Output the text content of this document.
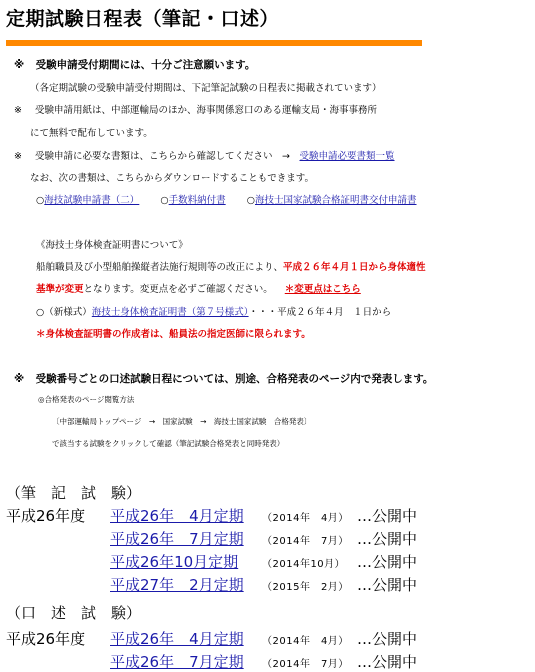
定期試験日程表（筆記・口述）
※ 受験申請受付期間には、十分ご注意願います。
（各定期試験の受験申請受付期間は、下記筆記試験の日程表に掲載されています）
※ 受験申請用紙は、中部運輸局のほか、海事関係窓口のある運輸支局・海事事務所
にて無料で配布しています。
※ 受験申請に必要な書類は、こちらから確認してください　→　受験申請必要書類一覧
なお、次の書類は、こちらからダウンロードすることもできます。
○海技試験申請書（二） ○手数料納付書 ○海技士国家試験合格証明書交付申請書
《海技士身体検査証明書について》
船舶職員及び小型船舶操縦者法施行規則等の改正により、平成２６年４月１日から身体適性
基準が変更となります。変更点を必ずご確認ください。 ＊変更点はこちら
○（新様式）海技士身体検査証明書（第７号様式）・・・平成２６年４月　１日から
＊身体検査証明書の作成者は、船員法の指定医師に限られます。
※ 受験番号ごとの口述試験日程については、別途、合格発表のページ内で発表します。
◎合格発表のページ閲覧方法
〔中部運輸局トップページ　→　国家試験　→　海技士国家試験　合格発表〕
で該当する試験をクリックして確認（筆記試験合格発表と同時発表）
（筆　記　試　験）
平成26年度 平成26年　4月定期 （2014年　4月） …公開中
平成26年　7月定期 （2014年　7月） …公開中
平成26年10月定期 （2014年10月） …公開中
平成27年　2月定期 （2015年　2月） …公開中
（口　述　試　験）
平成26年度 平成26年　4月定期 （2014年　4月） …公開中
平成26年　7月定期 （2014年　7月） …公開中
